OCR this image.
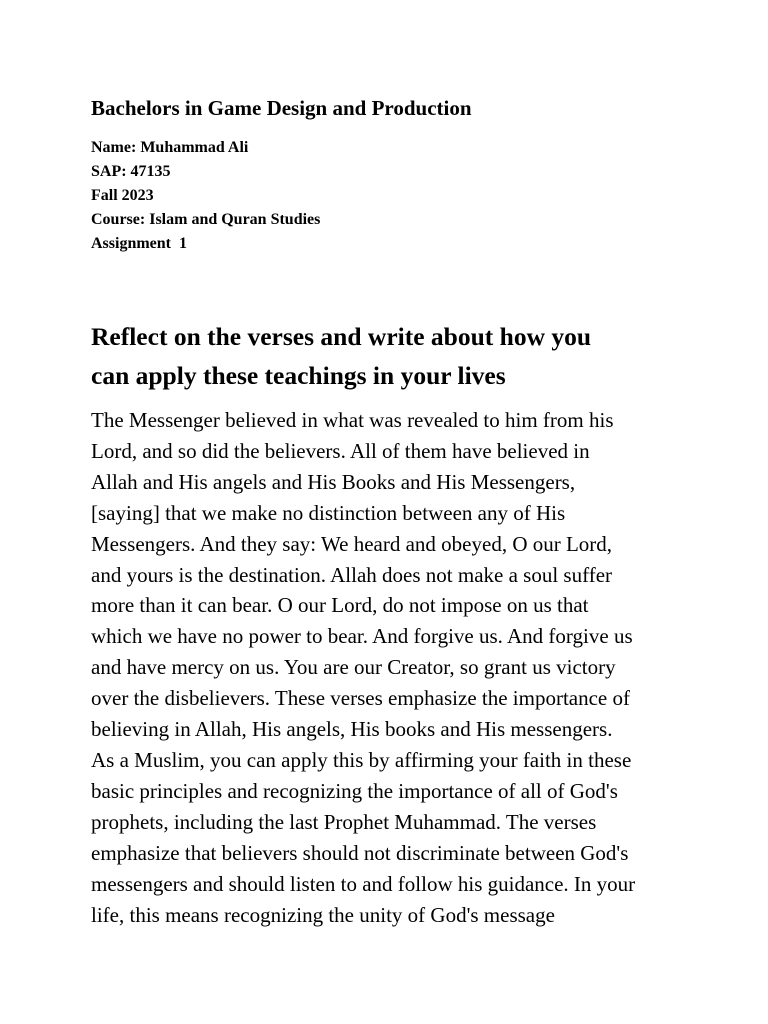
Bachelors in Game Design and Production
Name: Muhammad Ali
SAP: 47135
Fall 2023
Course: Islam and Quran Studies
Assignment  1
Reflect on the verses and write about how you
can apply these teachings in your lives
The Messenger believed in what was revealed to him from his
Lord, and so did the believers. All of them have believed in
Allah and His angels and His Books and His Messengers,
[saying] that we make no distinction between any of His
Messengers. And they say: We heard and obeyed, O our Lord,
and yours is the destination. Allah does not make a soul suffer
more than it can bear. O our Lord, do not impose on us that
which we have no power to bear. And forgive us. And forgive us
and have mercy on us. You are our Creator, so grant us victory
over the disbelievers. These verses emphasize the importance of
believing in Allah, His angels, His books and His messengers.
As a Muslim, you can apply this by affirming your faith in these
basic principles and recognizing the importance of all of God's
prophets, including the last Prophet Muhammad. The verses
emphasize that believers should not discriminate between God's
messengers and should listen to and follow his guidance. In your
life, this means recognizing the unity of God's message
